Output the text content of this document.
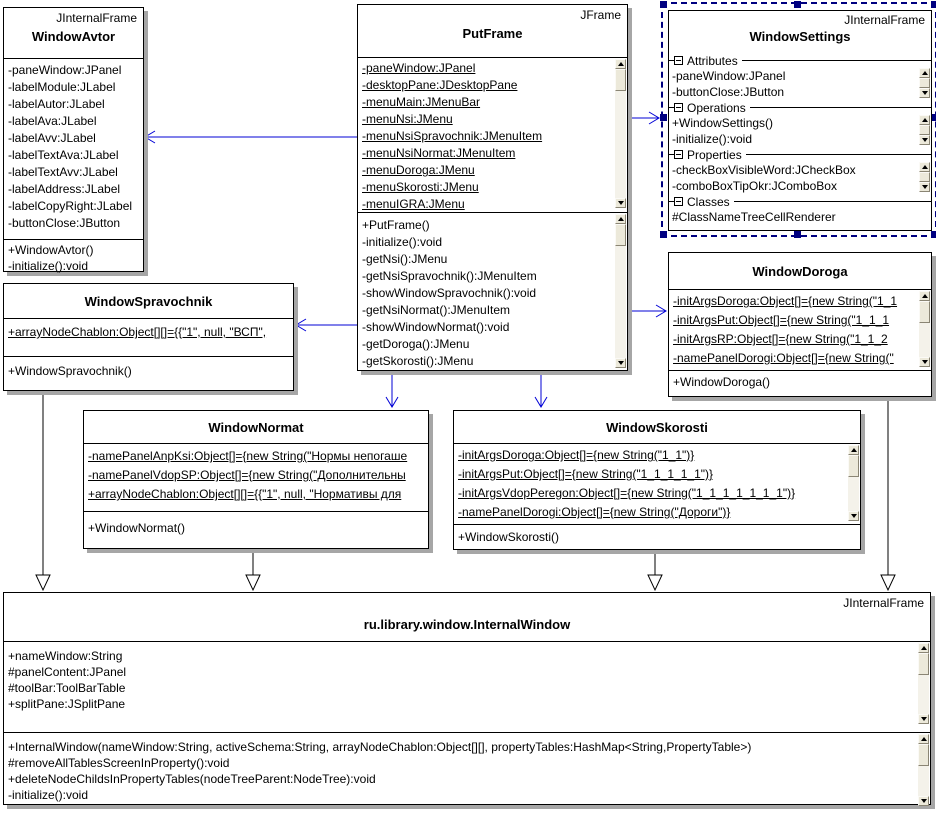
JInternalFrame
WindowAvtor
-paneWindow:JPanel
-labelModule:JLabel
-labelAutor:JLabel
-labelAva:JLabel
-labelAvv:JLabel
-labelTextAva:JLabel
-labelTextAvv:JLabel
-labelAddress:JLabel
-labelCopyRight:JLabel
-buttonClose:JButton
+WindowAvtor()
-initialize():void
JFrame
PutFrame
-paneWindow:JPanel
-desktopPane:JDesktopPane
-menuMain:JMenuBar
-menuNsi:JMenu
-menuNsiSpravochnik:JMenuItem
-menuNsiNormat:JMenuItem
-menuDoroga:JMenu
-menuSkorosti:JMenu
-menuIGRA:JMenu
+PutFrame()
-initialize():void
-getNsi():JMenu
-getNsiSpravochnik():JMenuItem
-showWindowSpravochnik():void
-getNsiNormat():JMenuItem
-showWindowNormat():void
-getDoroga():JMenu
-getSkorosti():JMenu
JInternalFrame
WindowSettings
Attributes
-paneWindow:JPanel
-buttonClose:JButton
Operations
+WindowSettings()
-initialize():void
Properties
-checkBoxVisibleWord:JCheckBox
-comboBoxTipOkr:JComboBox
Classes
#ClassNameTreeCellRenderer
WindowDoroga
-initArgsDoroga:Object[]={new String("1_1
-initArgsPut:Object[]={new String("1_1_1
-initArgsRP:Object[]={new String("1_1_2
-namePanelDorogi:Object[]={new String("
+WindowDoroga()
WindowSpravochnik
+arrayNodeChablon:Object[][]={{"1", null, "ВСП",
+WindowSpravochnik()
WindowNormat
-namePanelAnpKsi:Object[]={new String("Нормы непогаше
-namePanelVdopSP:Object[]={new String("Дополнительны
+arrayNodeChablon:Object[][]={{"1", null, "Нормативы для
+WindowNormat()
WindowSkorosti
-initArgsDoroga:Object[]={new String("1_1")}
-initArgsPut:Object[]={new String("1_1_1_1_1")}
-initArgsVdopPeregon:Object[]={new String("1_1_1_1_1_1_1")}
-namePanelDorogi:Object[]={new String("Дороги")}
+WindowSkorosti()
JInternalFrame
ru.library.window.InternalWindow
+nameWindow:String
#panelContent:JPanel
#toolBar:ToolBarTable
+splitPane:JSplitPane
+InternalWindow(nameWindow:String, activeSchema:String, arrayNodeChablon:Object[][], propertyTables:HashMap<String,PropertyTable>)
#removeAllTablesScreenInProperty():void
+deleteNodeChildsInPropertyTables(nodeTreeParent:NodeTree):void
-initialize():void
